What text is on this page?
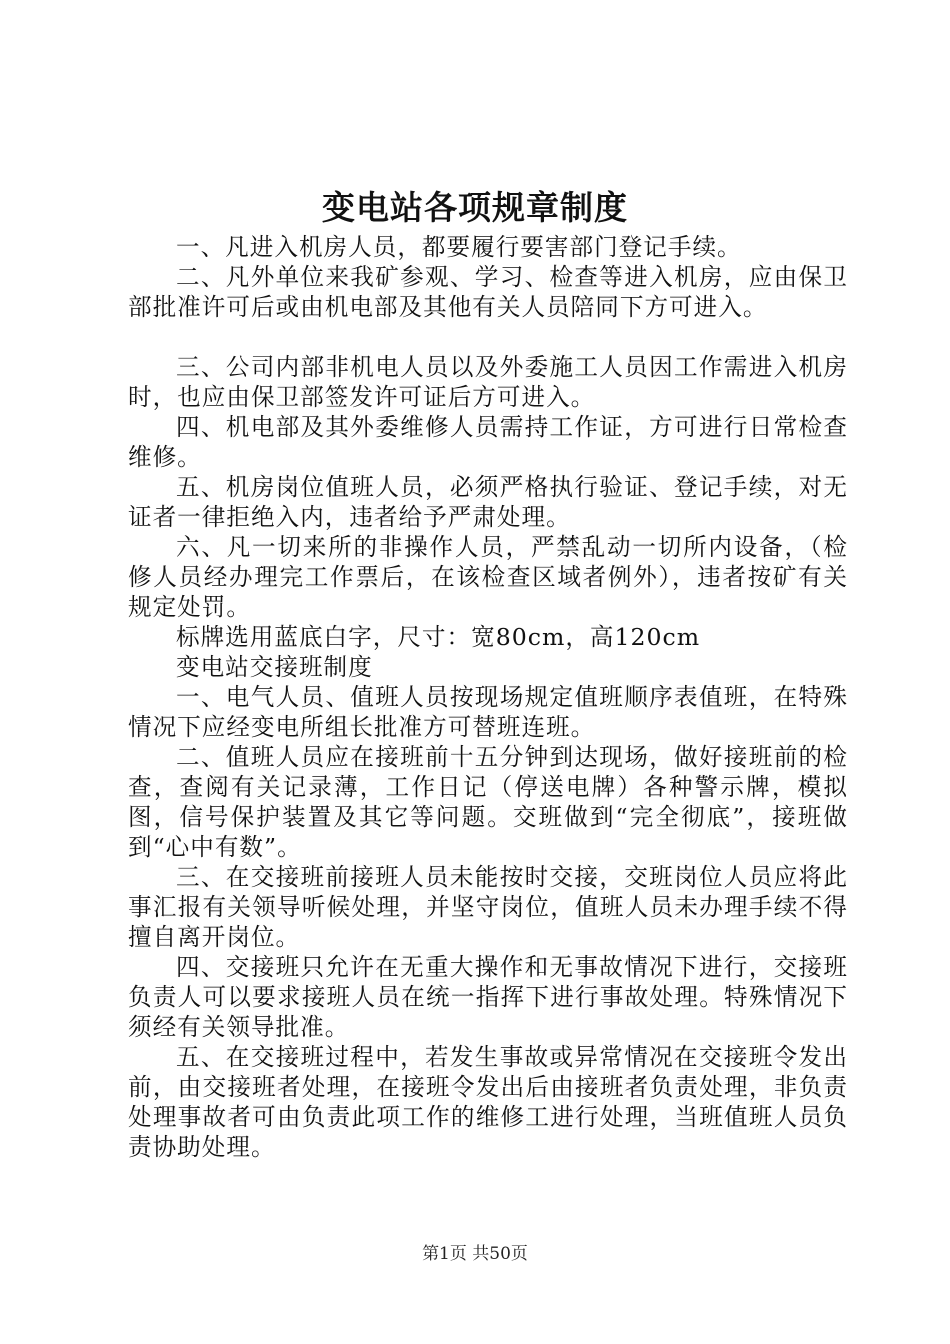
变电站各项规章制度

一、凡进入机房人员，都要履行要害部门登记手续。

二、凡外单位来我矿参观、学习、检查等进入机房，应由保卫部批准许可后或由机电部及其他有关人员陪同下方可进入。

三、公司内部非机电人员以及外委施工人员因工作需进入机房时，也应由保卫部签发许可证后方可进入。

四、机电部及其外委维修人员需持工作证，方可进行日常检查维修。

五、机房岗位值班人员，必须严格执行验证、登记手续，对无证者一律拒绝入内，违者给予严肃处理。

六、凡一切来所的非操作人员，严禁乱动一切所内设备，（检修人员经办理完工作票后，在该检查区域者例外），违者按矿有关规定处罚。

标牌选用蓝底白字，尺寸：宽80cm，高120cm

变电站交接班制度

一、电气人员、值班人员按现场规定值班顺序表值班，在特殊情况下应经变电所组长批准方可替班连班。

二、值班人员应在接班前十五分钟到达现场，做好接班前的检查，查阅有关记录薄，工作日记（停送电牌）各种警示牌，模拟图，信号保护装置及其它等问题。交班做到“完全彻底”，接班做到“心中有数”。

三、在交接班前接班人员未能按时交接，交班岗位人员应将此事汇报有关领导听候处理，并坚守岗位，值班人员未办理手续不得擅自离开岗位。

四、交接班只允许在无重大操作和无事故情况下进行，交接班负责人可以要求接班人员在统一指挥下进行事故处理。特殊情况下须经有关领导批准。

五、在交接班过程中，若发生事故或异常情况在交接班令发出前，由交接班者处理，在接班令发出后由接班者负责处理，非负责处理事故者可由负责此项工作的维修工进行处理，当班值班人员负责协助处理。

第1页 共50页
